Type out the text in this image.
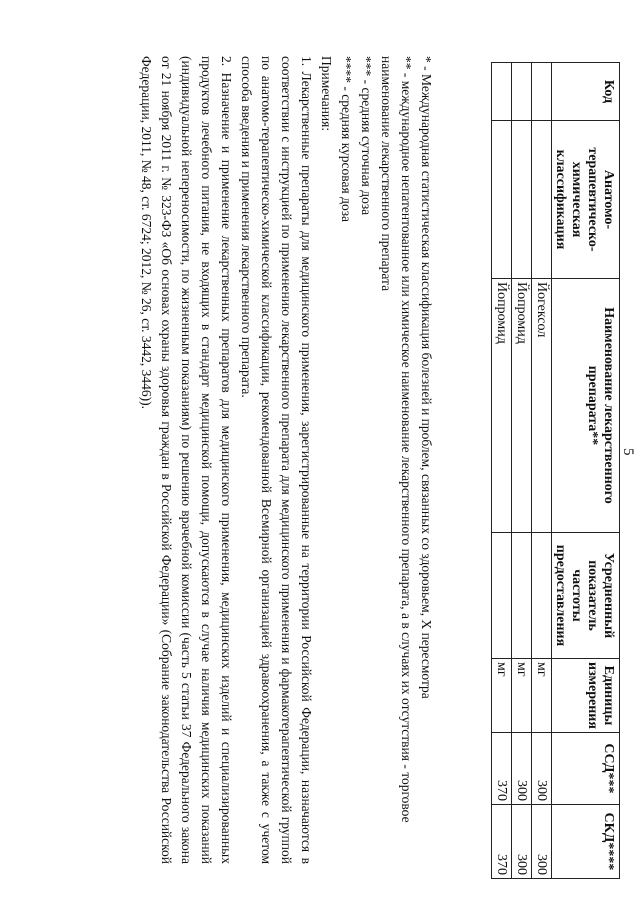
5
Код	Анатомо-терапевтическо-химическая классификация	Наименование лекарственного препарата**	Усредненный показатель частоты предоставления	Единицы измерения	ССД***	СКД****
		Йогексол		мг	300	300
		Йопромид		мг	300	300
		Йопромид		мг	370	370

* - Международная статистическая классификация болезней и проблем, связанных со здоровьем, X пересмотра

** - международное непатентованное или химическое наименование лекарственного препарата, а в случаях их отсутствия - торговое наименование лекарственного препарата

*** - средняя суточная доза

**** - средняя курсовая доза

Примечания:

1. Лекарственные препараты для медицинского применения, зарегистрированные на территории Российской Федерации, назначаются в соответствии с инструкцией по применению лекарственного препарата для медицинского применения и фармакотерапевтической группой по анатомо-терапевтическо-химической классификации, рекомендованной Всемирной организацией здравоохранения, а также с учетом способа введения и применения лекарственного препарата.

2. Назначение и применение лекарственных препаратов для медицинского применения, медицинских изделий и специализированных продуктов лечебного питания, не входящих в стандарт медицинской помощи, допускаются в случае наличия медицинских показаний (индивидуальной непереносимости, по жизненным показаниям) по решению врачебной комиссии (часть 5 статьи 37 Федерального закона от 21 ноября 2011 г. № 323-ФЗ «Об основах охраны здоровья граждан в Российской Федерации» (Собрание законодательства Российской Федерации, 2011, № 48, ст. 6724; 2012, № 26, ст. 3442, 3446)).
